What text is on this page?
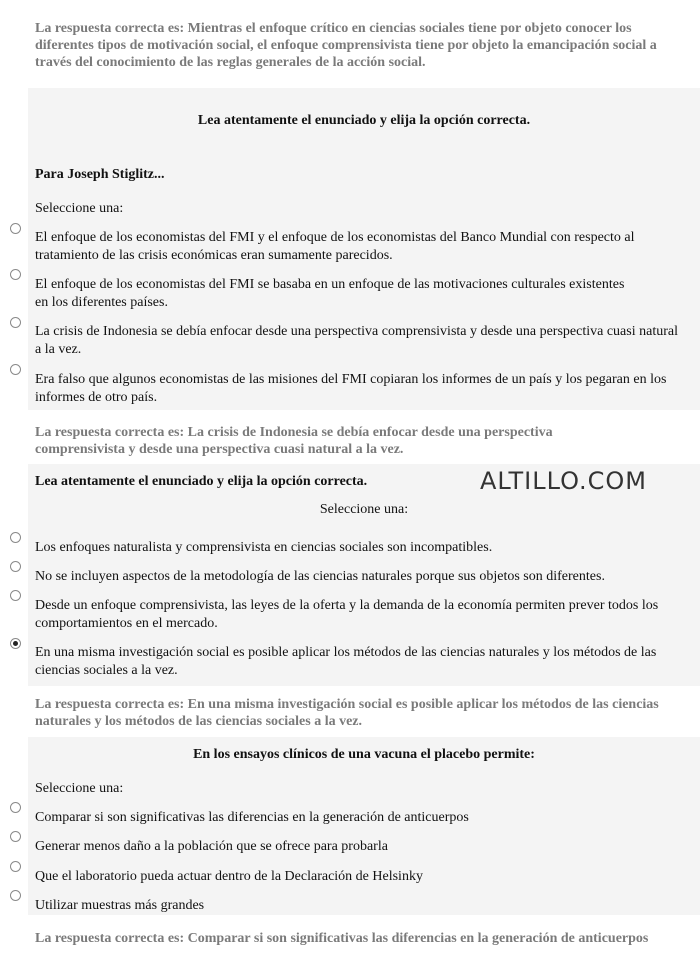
La respuesta correcta es: Mientras el enfoque crítico en ciencias sociales tiene por objeto conocer los diferentes tipos de motivación social, el enfoque comprensivista tiene por objeto la emancipación social a través del conocimiento de las reglas generales de la acción social.
Lea atentamente el enunciado y elija la opción correcta.
Para Joseph Stiglitz...
Seleccione una:
El enfoque de los economistas del FMI y el enfoque de los economistas del Banco Mundial con respecto al tratamiento de las crisis económicas eran sumamente parecidos.
El enfoque de los economistas del FMI se basaba en un enfoque de las motivaciones culturales existentes en los diferentes países.
La crisis de Indonesia se debía enfocar desde una perspectiva comprensivista y desde una perspectiva cuasi natural a la vez.
Era falso que algunos economistas de las misiones del FMI copiaran los informes de un país y los pegaran en los informes de otro país.
La respuesta correcta es: La crisis de Indonesia se debía enfocar desde una perspectiva comprensivista y desde una perspectiva cuasi natural a la vez.
Lea atentamente el enunciado y elija la opción correcta.	ALTILLO.COM
Seleccione una:
Los enfoques naturalista y comprensivista en ciencias sociales son incompatibles.
No se incluyen aspectos de la metodología de las ciencias naturales porque sus objetos son diferentes.
Desde un enfoque comprensivista, las leyes de la oferta y la demanda de la economía permiten prever todos los comportamientos en el mercado.
En una misma investigación social es posible aplicar los métodos de las ciencias naturales y los métodos de las ciencias sociales a la vez.
La respuesta correcta es: En una misma investigación social es posible aplicar los métodos de las ciencias naturales y los métodos de las ciencias sociales a la vez.
En los ensayos clínicos de una vacuna el placebo permite:
Seleccione una:
Comparar si son significativas las diferencias en la generación de anticuerpos
Generar menos daño a la población que se ofrece para probarla
Que el laboratorio pueda actuar dentro de la Declaración de Helsinky
Utilizar muestras más grandes
La respuesta correcta es: Comparar si son significativas las diferencias en la generación de anticuerpos
